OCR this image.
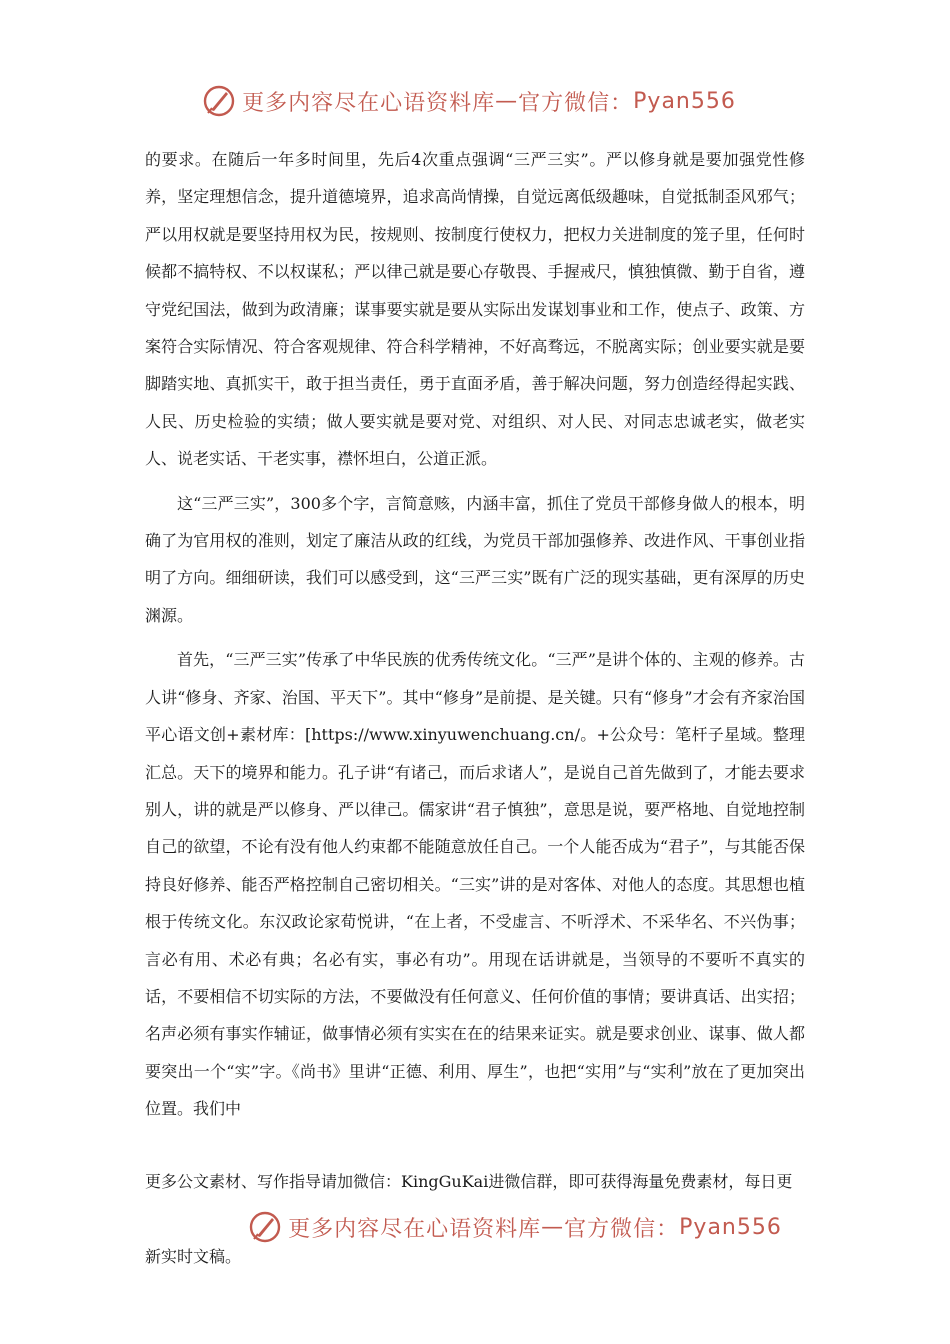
更多内容尽在心语资料库 — 官方微信： Pyan556

的要求。在随后一年多时间里，先后4次重点强调“三严三实”。严以修身就是要加强党性修养，坚定理想信念，提升道德境界，追求高尚情操，自觉远离低级趣味，自觉抵制歪风邪气；严以用权就是要坚持用权为民，按规则、按制度行使权力，把权力关进制度的笼子里，任何时候都不搞特权、不以权谋私；严以律己就是要心存敬畏、手握戒尺，慎独慎微、勤于自省，遵守党纪国法，做到为政清廉；谋事要实就是要从实际出发谋划事业和工作，使点子、政策、方案符合实际情况、符合客观规律、符合科学精神，不好高骛远，不脱离实际；创业要实就是要脚踏实地、真抓实干，敢于担当责任，勇于直面矛盾，善于解决问题，努力创造经得起实践、人民、历史检验的实绩；做人要实就是要对党、对组织、对人民、对同志忠诚老实，做老实人、说老实话、干老实事，襟怀坦白，公道正派。

这“三严三实”，300多个字，言简意赅，内涵丰富，抓住了党员干部修身做人的根本，明确了为官用权的准则，划定了廉洁从政的红线，为党员干部加强修养、改进作风、干事创业指明了方向。细细研读，我们可以感受到，这“三严三实”既有广泛的现实基础，更有深厚的历史渊源。

首先，“三严三实”传承了中华民族的优秀传统文化。“三严”是讲个体的、主观的修养。古人讲“修身、齐家、治国、平天下”。其中“修身”是前提、是关键。只有“修身”才会有齐家治国平心语文创+素材库：[https://www.xinyuwenchuang.cn/。+公众号：笔杆子星域。整理汇总。天下的境界和能力。孔子讲“有诸己，而后求诸人”，是说自己首先做到了，才能去要求别人，讲的就是严以修身、严以律己。儒家讲“君子慎独”，意思是说，要严格地、自觉地控制自己的欲望，不论有没有他人约束都不能随意放任自己。一个人能否成为“君子”，与其能否保持良好修养、能否严格控制自己密切相关。“三实”讲的是对客体、对他人的态度。其思想也植根于传统文化。东汉政论家荀悦讲，“在上者，不受虚言、不听浮术、不采华名、不兴伪事；言必有用、术必有典；名必有实，事必有功”。用现在话讲就是，当领导的不要听不真实的话，不要相信不切实际的方法，不要做没有任何意义、任何价值的事情；要讲真话、出实招；名声必须有事实作辅证，做事情必须有实实在在的结果来证实。就是要求创业、谋事、做人都要突出一个“实”字。《尚书》里讲“正德、利用、厚生”，也把“实用”与“实利”放在了更加突出位置。我们中

更多公文素材、写作指导请加微信：KingGuKai进微信群，即可获得海量免费素材，每日更
更多内容尽在心语资料库 — 官方微信： Pyan556
新实时文稿。
